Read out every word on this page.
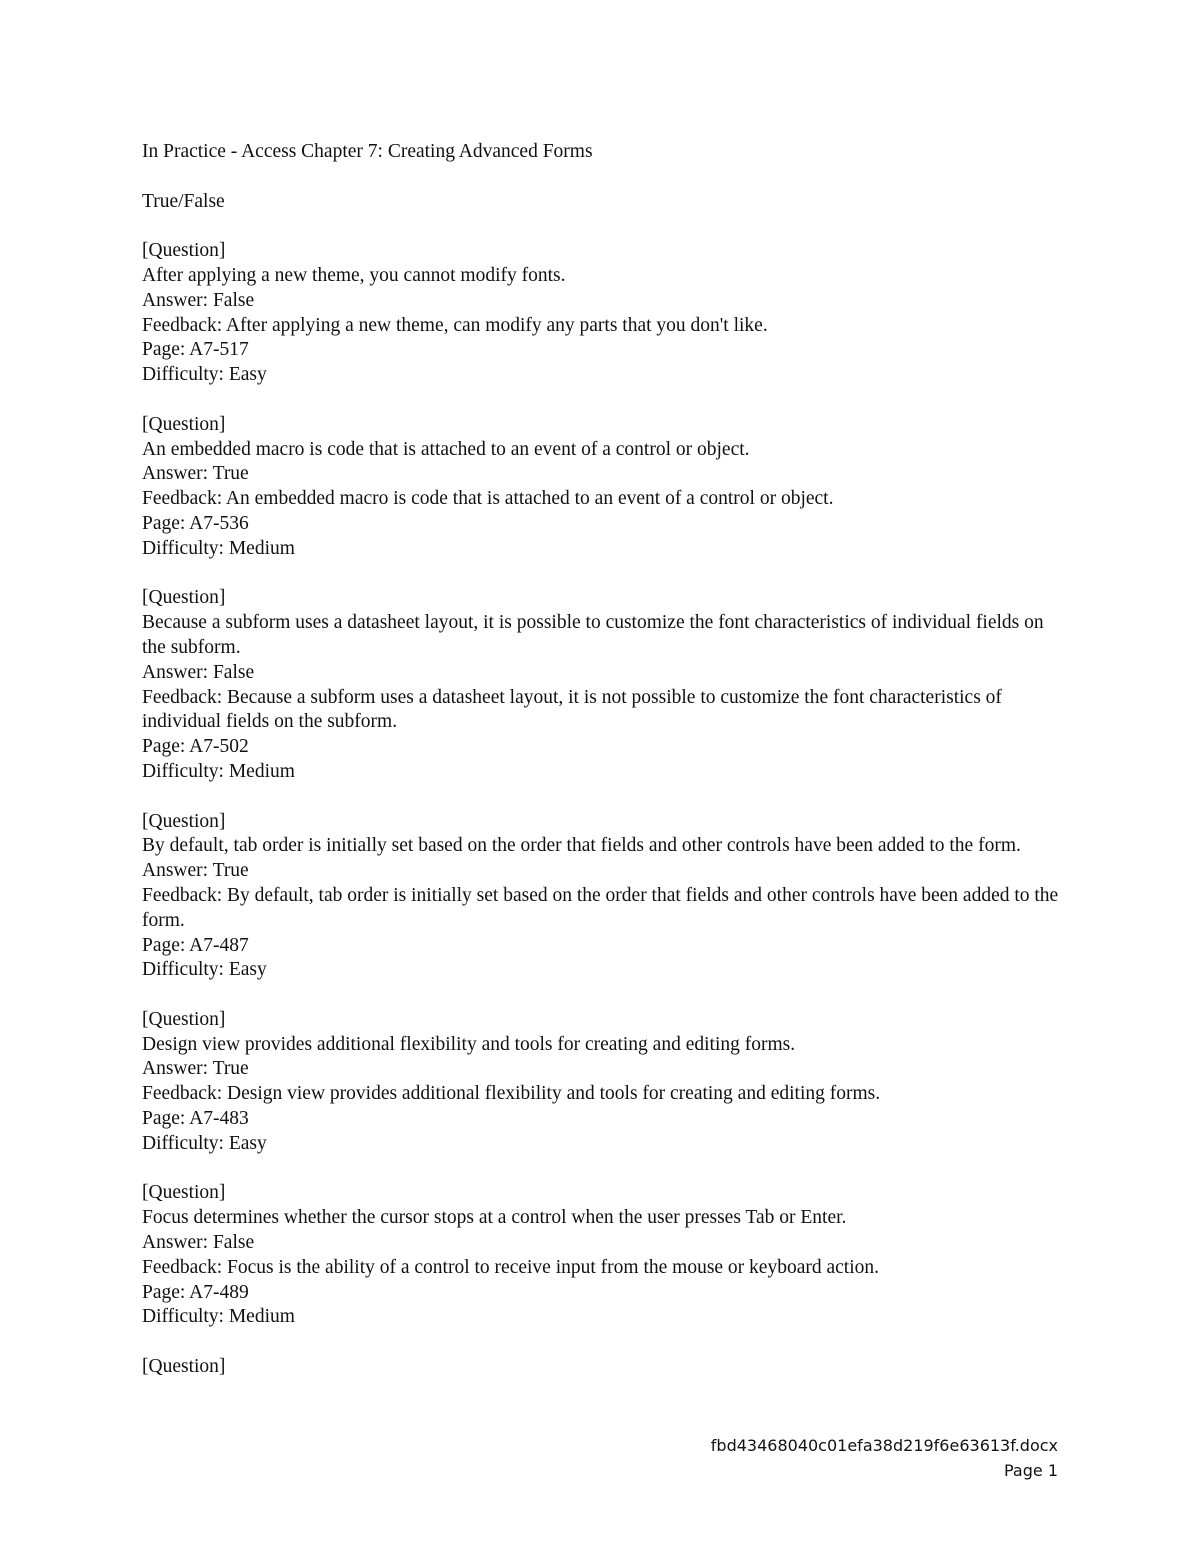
In Practice - Access Chapter 7: Creating Advanced Forms
True/False
[Question]
After applying a new theme, you cannot modify fonts.
Answer: False
Feedback: After applying a new theme, can modify any parts that you don't like.
Page: A7-517
Difficulty: Easy
[Question]
An embedded macro is code that is attached to an event of a control or object.
Answer: True
Feedback: An embedded macro is code that is attached to an event of a control or object.
Page: A7-536
Difficulty: Medium
[Question]
Because a subform uses a datasheet layout, it is possible to customize the font characteristics of individual fields on the subform.
Answer: False
Feedback: Because a subform uses a datasheet layout, it is not possible to customize the font characteristics of individual fields on the subform.
Page: A7-502
Difficulty: Medium
[Question]
By default, tab order is initially set based on the order that fields and other controls have been added to the form.
Answer: True
Feedback: By default, tab order is initially set based on the order that fields and other controls have been added to the form.
Page: A7-487
Difficulty: Easy
[Question]
Design view provides additional flexibility and tools for creating and editing forms.
Answer: True
Feedback: Design view provides additional flexibility and tools for creating and editing forms.
Page: A7-483
Difficulty: Easy
[Question]
Focus determines whether the cursor stops at a control when the user presses Tab or Enter.
Answer: False
Feedback: Focus is the ability of a control to receive input from the mouse or keyboard action.
Page: A7-489
Difficulty: Medium
[Question]
fbd43468040c01efa38d219f6e63613f.docx
Page 1
